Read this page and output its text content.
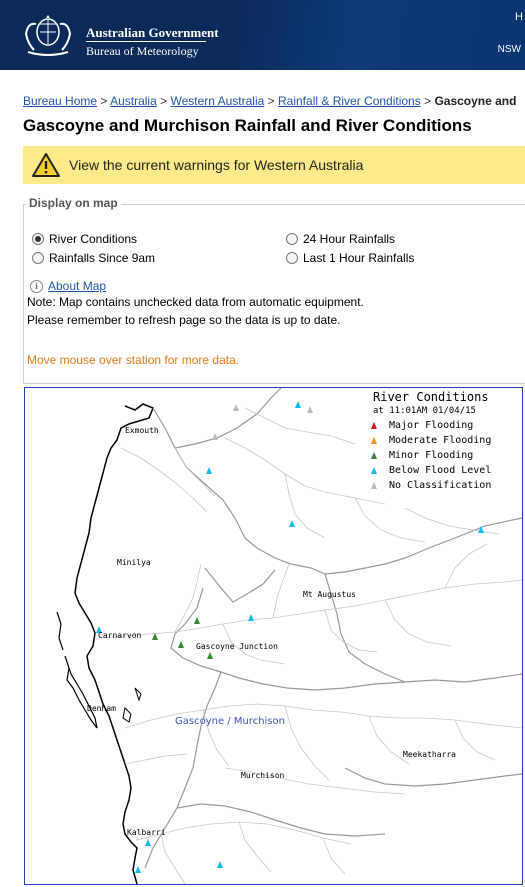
Australian Government
Bureau of Meteorology
H
NSW
Bureau Home > Australia > Western Australia > Rainfall & River Conditions > Gascoyne and
Gascoyne and Murchison Rainfall and River Conditions
View the current warnings for Western Australia
Display on map
River Conditions	24 Hour Rainfalls
Rainfalls Since 9am	Last 1 Hour Rainfalls
i About Map
Note: Map contains unchecked data from automatic equipment.
Please remember to refresh page so the data is up to date.
Move mouse over station for more data.
Exmouth
Minilya
Carnarvon
Gascoyne Junction
Mt Augustus
Denham
Meekatharra
Murchison
Kalbarri
Gascoyne / Murchison
River Conditions
at 11:01AM 01/04/15
Major Flooding
Moderate Flooding
Minor Flooding
Below Flood Level
No Classification
